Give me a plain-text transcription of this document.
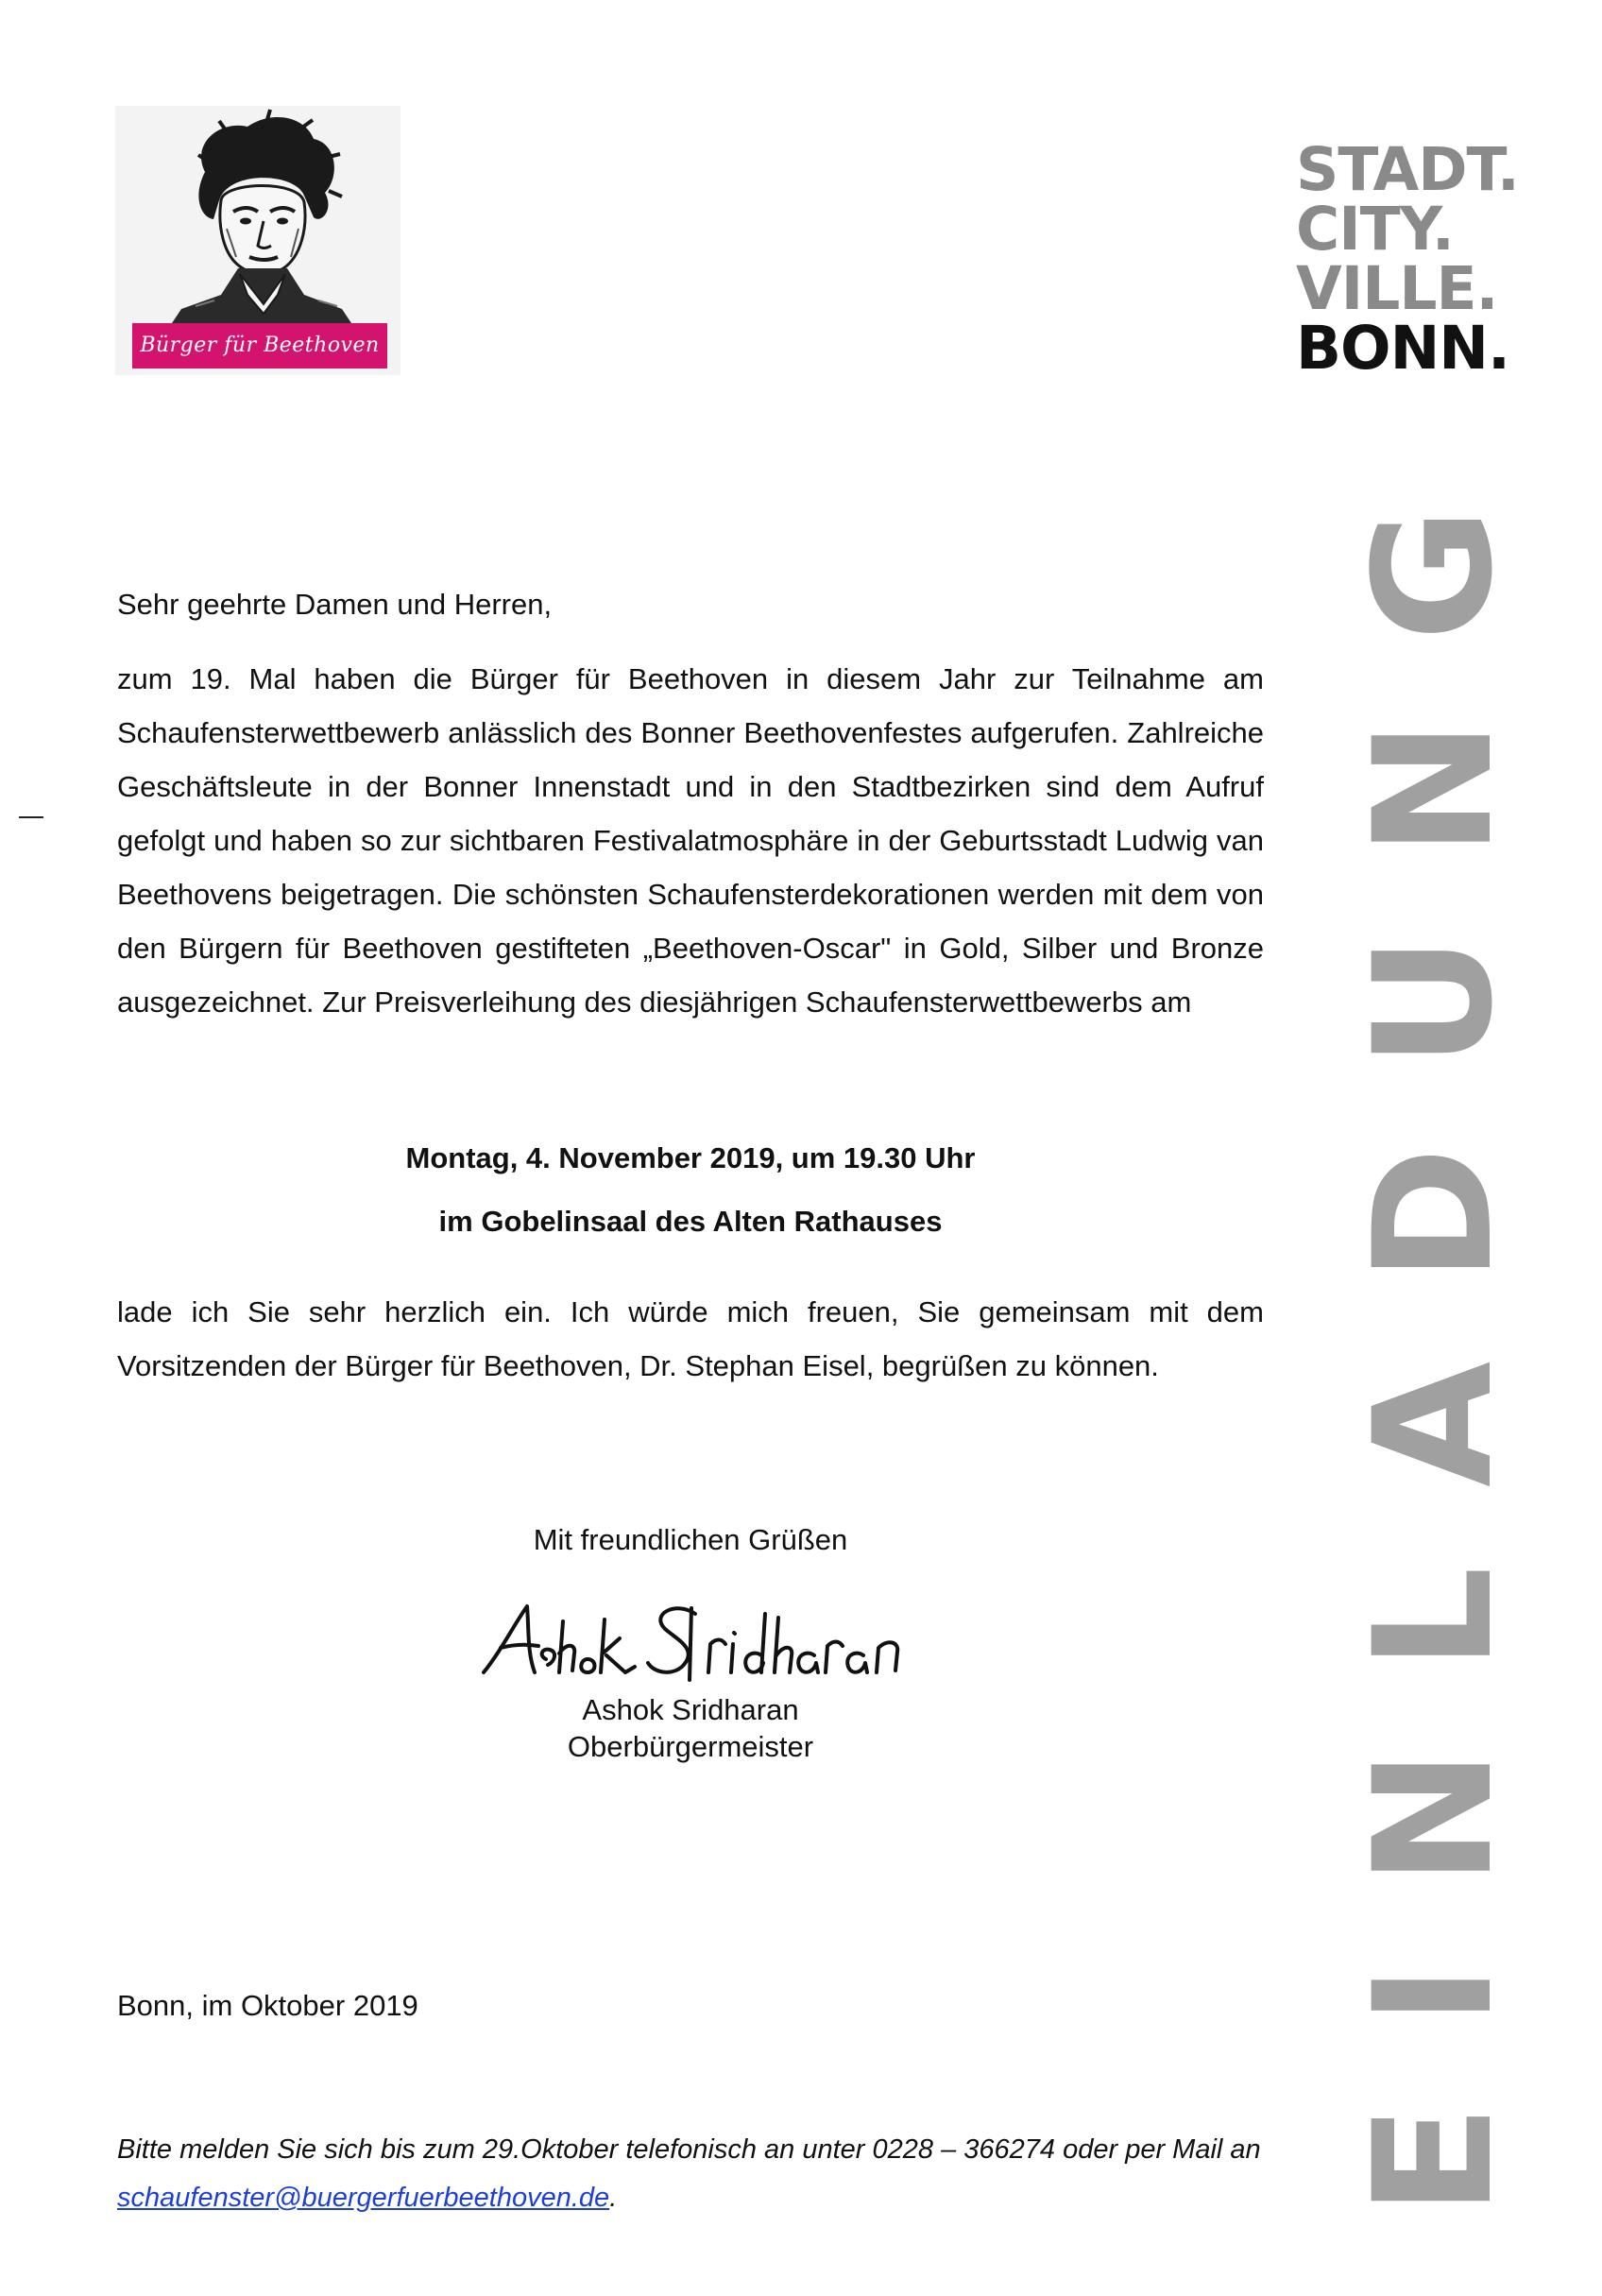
Bürger für Beethoven
STADT.
CITY.
VILLE.
BONN.
EINLADUNG
Sehr geehrte Damen und Herren,
zum 19. Mal haben die Bürger für Beethoven in diesem Jahr zur Teilnahme am Schaufensterwettbewerb anlässlich des Bonner Beethovenfestes aufgerufen. Zahlreiche Geschäftsleute in der Bonner Innenstadt und in den Stadtbezirken sind dem Aufruf gefolgt und haben so zur sichtbaren Festivalatmosphäre in der Geburtsstadt Ludwig van Beethovens beigetragen. Die schönsten Schaufensterdekorationen werden mit dem von den Bürgern für Beethoven gestifteten „Beethoven-Oscar" in Gold, Silber und Bronze ausgezeichnet. Zur Preisverleihung des diesjährigen Schaufensterwettbewerbs am
Montag, 4. November 2019, um 19.30 Uhr
im Gobelinsaal des Alten Rathauses
lade ich Sie sehr herzlich ein. Ich würde mich freuen, Sie gemeinsam mit dem Vorsitzenden der Bürger für Beethoven, Dr. Stephan Eisel, begrüßen zu können.
Mit freundlichen Grüßen
Ashok Sridharan
Oberbürgermeister
Bonn, im Oktober 2019
Bitte melden Sie sich bis zum 29.Oktober telefonisch an unter 0228 – 366274 oder per Mail an schaufenster@buergerfuerbeethoven.de.
